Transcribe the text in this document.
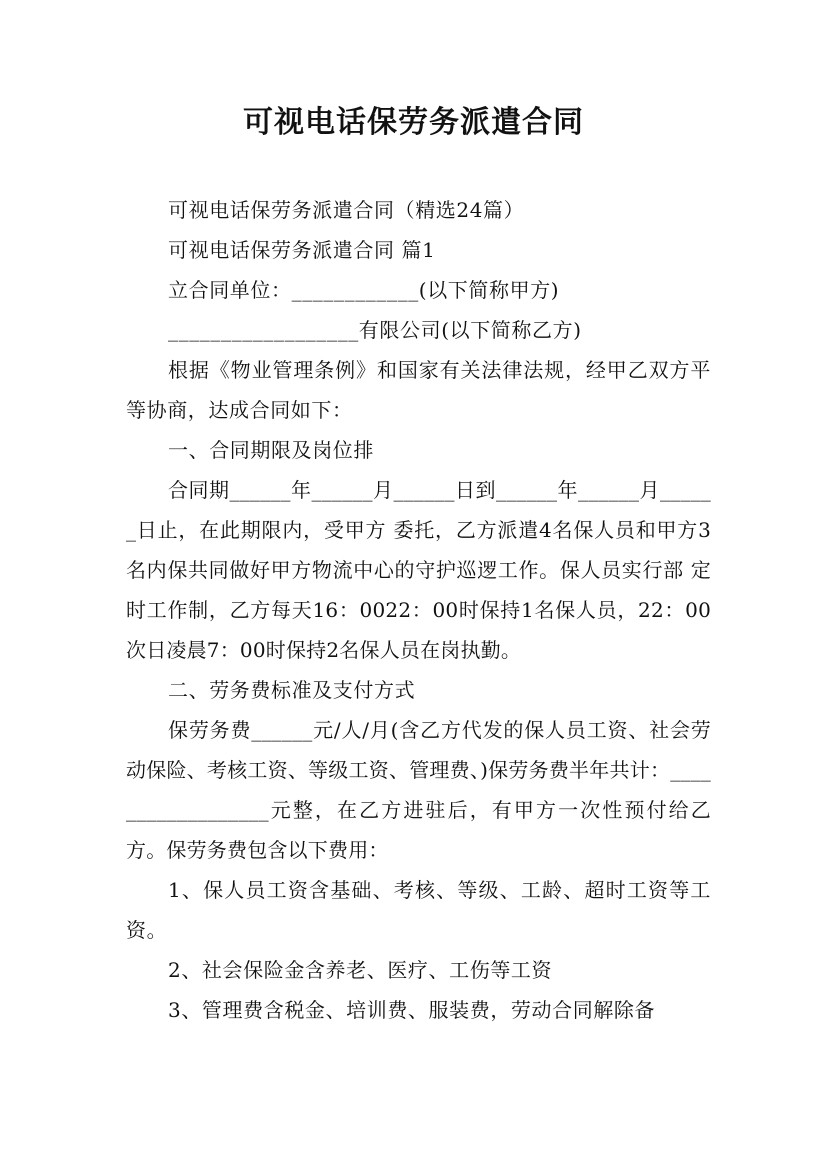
可视电话保劳务派遣合同

可视电话保劳务派遣合同（精选24篇）

可视电话保劳务派遣合同 篇1

立合同单位：____________(以下简称甲方)

__________________有限公司(以下简称乙方)

根据《物业管理条例》和国家有关法律法规，经甲乙双方平等协商，达成合同如下：

一、合同期限及岗位排

合同期______年______月______日到______年______月______日止，在此期限内，受甲方 委托，乙方派遣4名保人员和甲方3名内保共同做好甲方物流中心的守护巡逻工作。保人员实行部 定时工作制，乙方每天16：0022：00时保持1名保人员，22：00次日凌晨7：00时保持2名保人员在岗执勤。

二、劳务费标准及支付方式

保劳务费______元/人/月(含乙方代发的保人员工资、社会劳动保险、考核工资、等级工资、管理费、)保劳务费半年共计：__________________元整，在乙方进驻后，有甲方一次性预付给乙方。保劳务费包含以下费用：

1、保人员工资含基础、考核、等级、工龄、超时工资等工资。

2、社会保险金含养老、医疗、工伤等工资

3、管理费含税金、培训费、服装费，劳动合同解除备
